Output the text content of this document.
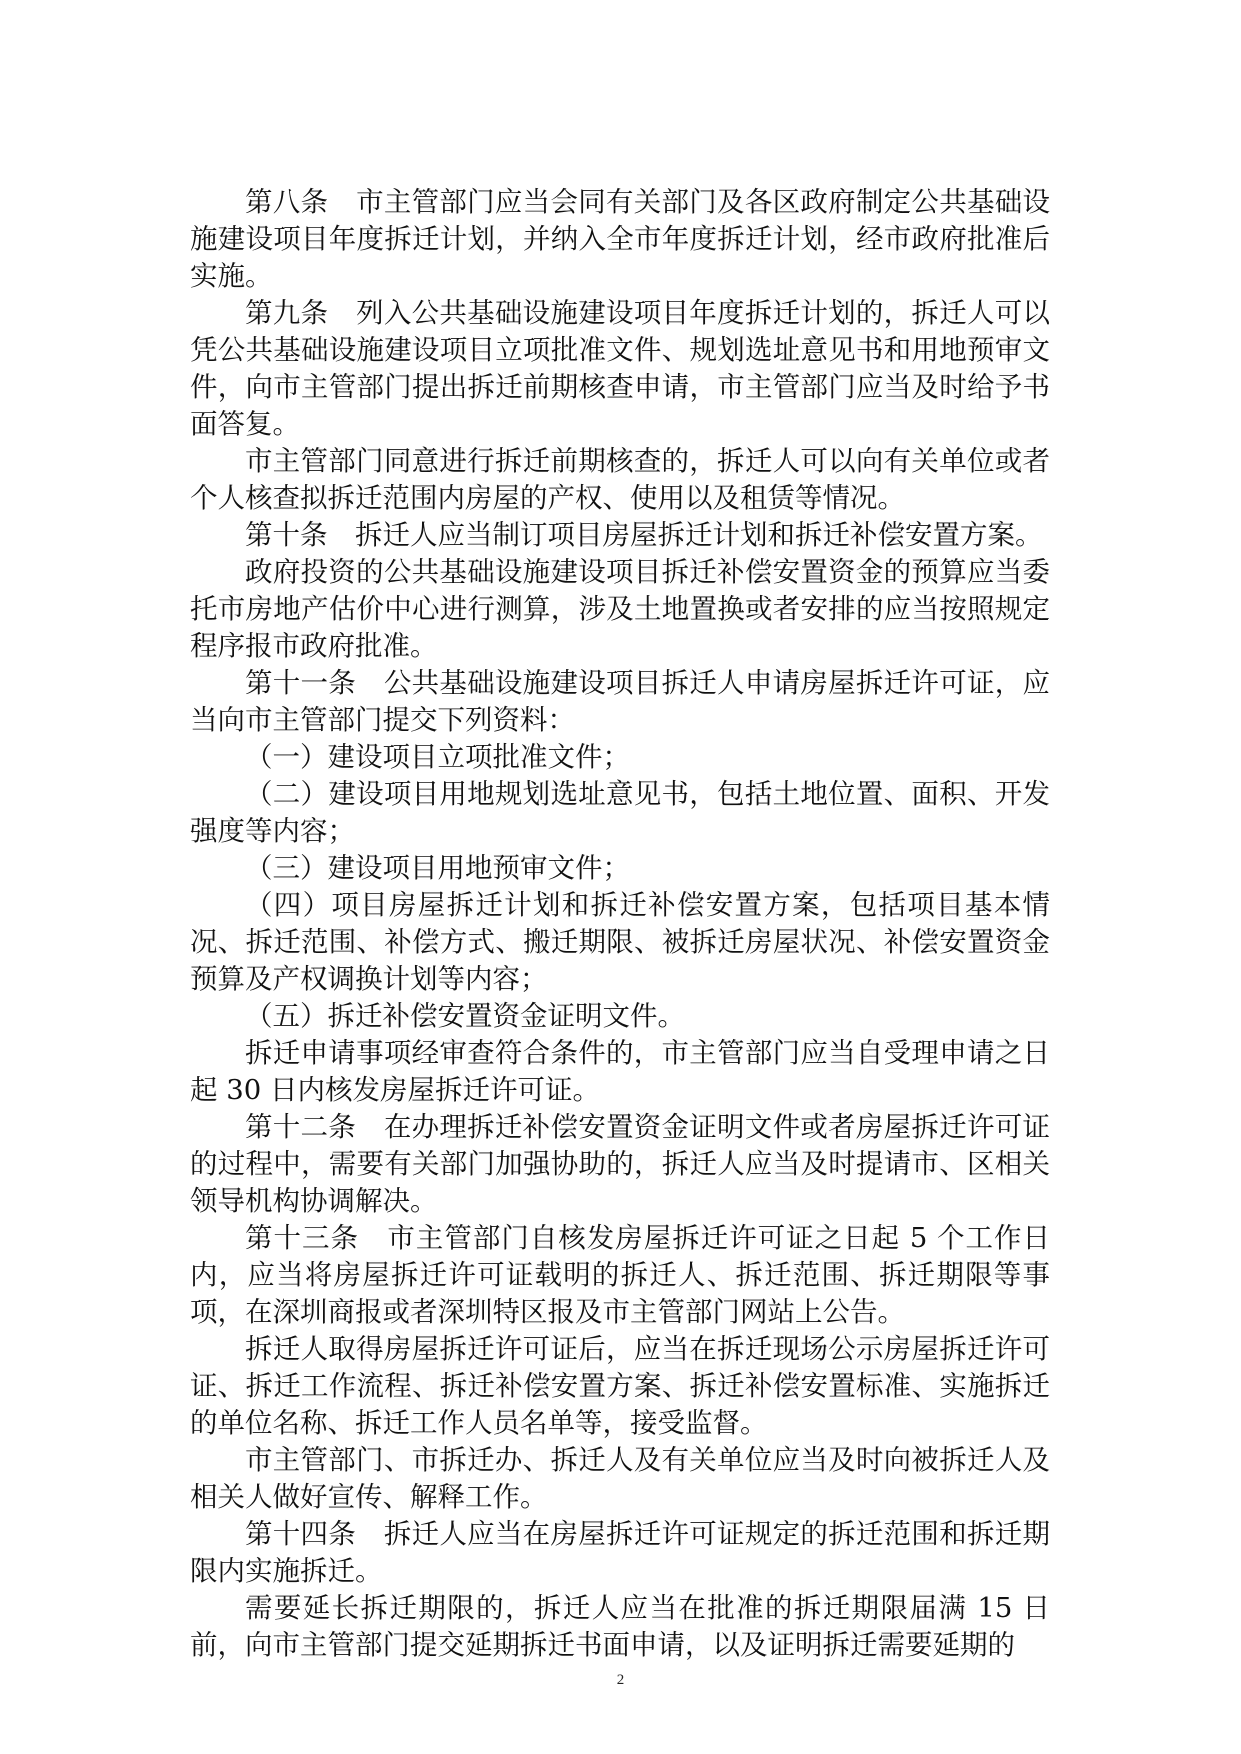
第八条　市主管部门应当会同有关部门及各区政府制定公共基础设施建设项目年度拆迁计划，并纳入全市年度拆迁计划，经市政府批准后实施。

第九条　列入公共基础设施建设项目年度拆迁计划的，拆迁人可以凭公共基础设施建设项目立项批准文件、规划选址意见书和用地预审文件，向市主管部门提出拆迁前期核查申请，市主管部门应当及时给予书面答复。

市主管部门同意进行拆迁前期核查的，拆迁人可以向有关单位或者个人核查拟拆迁范围内房屋的产权、使用以及租赁等情况。

第十条　拆迁人应当制订项目房屋拆迁计划和拆迁补偿安置方案。

政府投资的公共基础设施建设项目拆迁补偿安置资金的预算应当委托市房地产估价中心进行测算，涉及土地置换或者安排的应当按照规定程序报市政府批准。

第十一条　公共基础设施建设项目拆迁人申请房屋拆迁许可证，应当向市主管部门提交下列资料：

（一）建设项目立项批准文件；

（二）建设项目用地规划选址意见书，包括土地位置、面积、开发强度等内容；

（三）建设项目用地预审文件；

（四）项目房屋拆迁计划和拆迁补偿安置方案，包括项目基本情况、拆迁范围、补偿方式、搬迁期限、被拆迁房屋状况、补偿安置资金预算及产权调换计划等内容；

（五）拆迁补偿安置资金证明文件。

拆迁申请事项经审查符合条件的，市主管部门应当自受理申请之日起 30 日内核发房屋拆迁许可证。

第十二条　在办理拆迁补偿安置资金证明文件或者房屋拆迁许可证的过程中，需要有关部门加强协助的，拆迁人应当及时提请市、区相关领导机构协调解决。

第十三条　市主管部门自核发房屋拆迁许可证之日起 5 个工作日内，应当将房屋拆迁许可证载明的拆迁人、拆迁范围、拆迁期限等事项，在深圳商报或者深圳特区报及市主管部门网站上公告。

拆迁人取得房屋拆迁许可证后，应当在拆迁现场公示房屋拆迁许可证、拆迁工作流程、拆迁补偿安置方案、拆迁补偿安置标准、实施拆迁的单位名称、拆迁工作人员名单等，接受监督。

市主管部门、市拆迁办、拆迁人及有关单位应当及时向被拆迁人及相关人做好宣传、解释工作。

第十四条　拆迁人应当在房屋拆迁许可证规定的拆迁范围和拆迁期限内实施拆迁。

需要延长拆迁期限的，拆迁人应当在批准的拆迁期限届满 15 日前，向市主管部门提交延期拆迁书面申请，以及证明拆迁需要延期的

2
